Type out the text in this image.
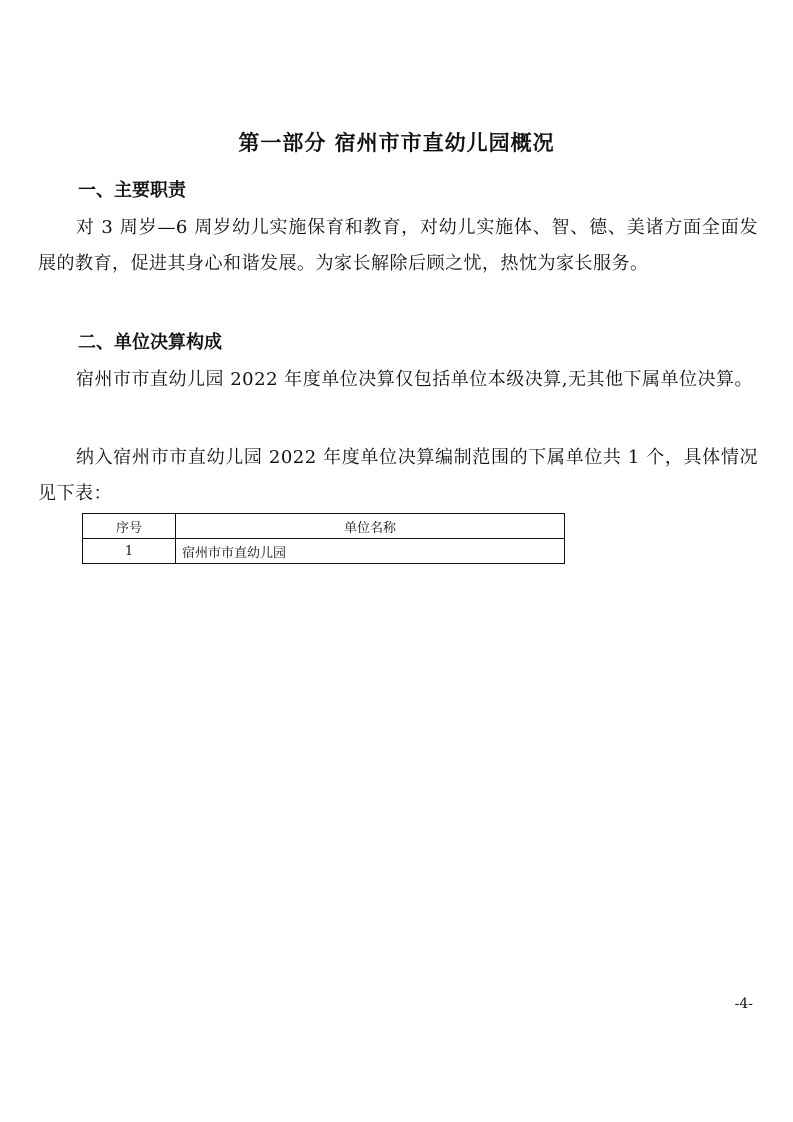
第一部分 宿州市市直幼儿园概况
一、主要职责
对 3 周岁—6 周岁幼儿实施保育和教育，对幼儿实施体、智、德、美诸方面全面发展的教育，促进其身心和谐发展。为家长解除后顾之忧，热忱为家长服务。
二、单位决算构成
宿州市市直幼儿园 2022 年度单位决算仅包括单位本级决算,无其他下属单位决算。
纳入宿州市市直幼儿园 2022 年度单位决算编制范围的下属单位共 1 个，具体情况见下表：
序号	单位名称
1	宿州市市直幼儿园
-4-
